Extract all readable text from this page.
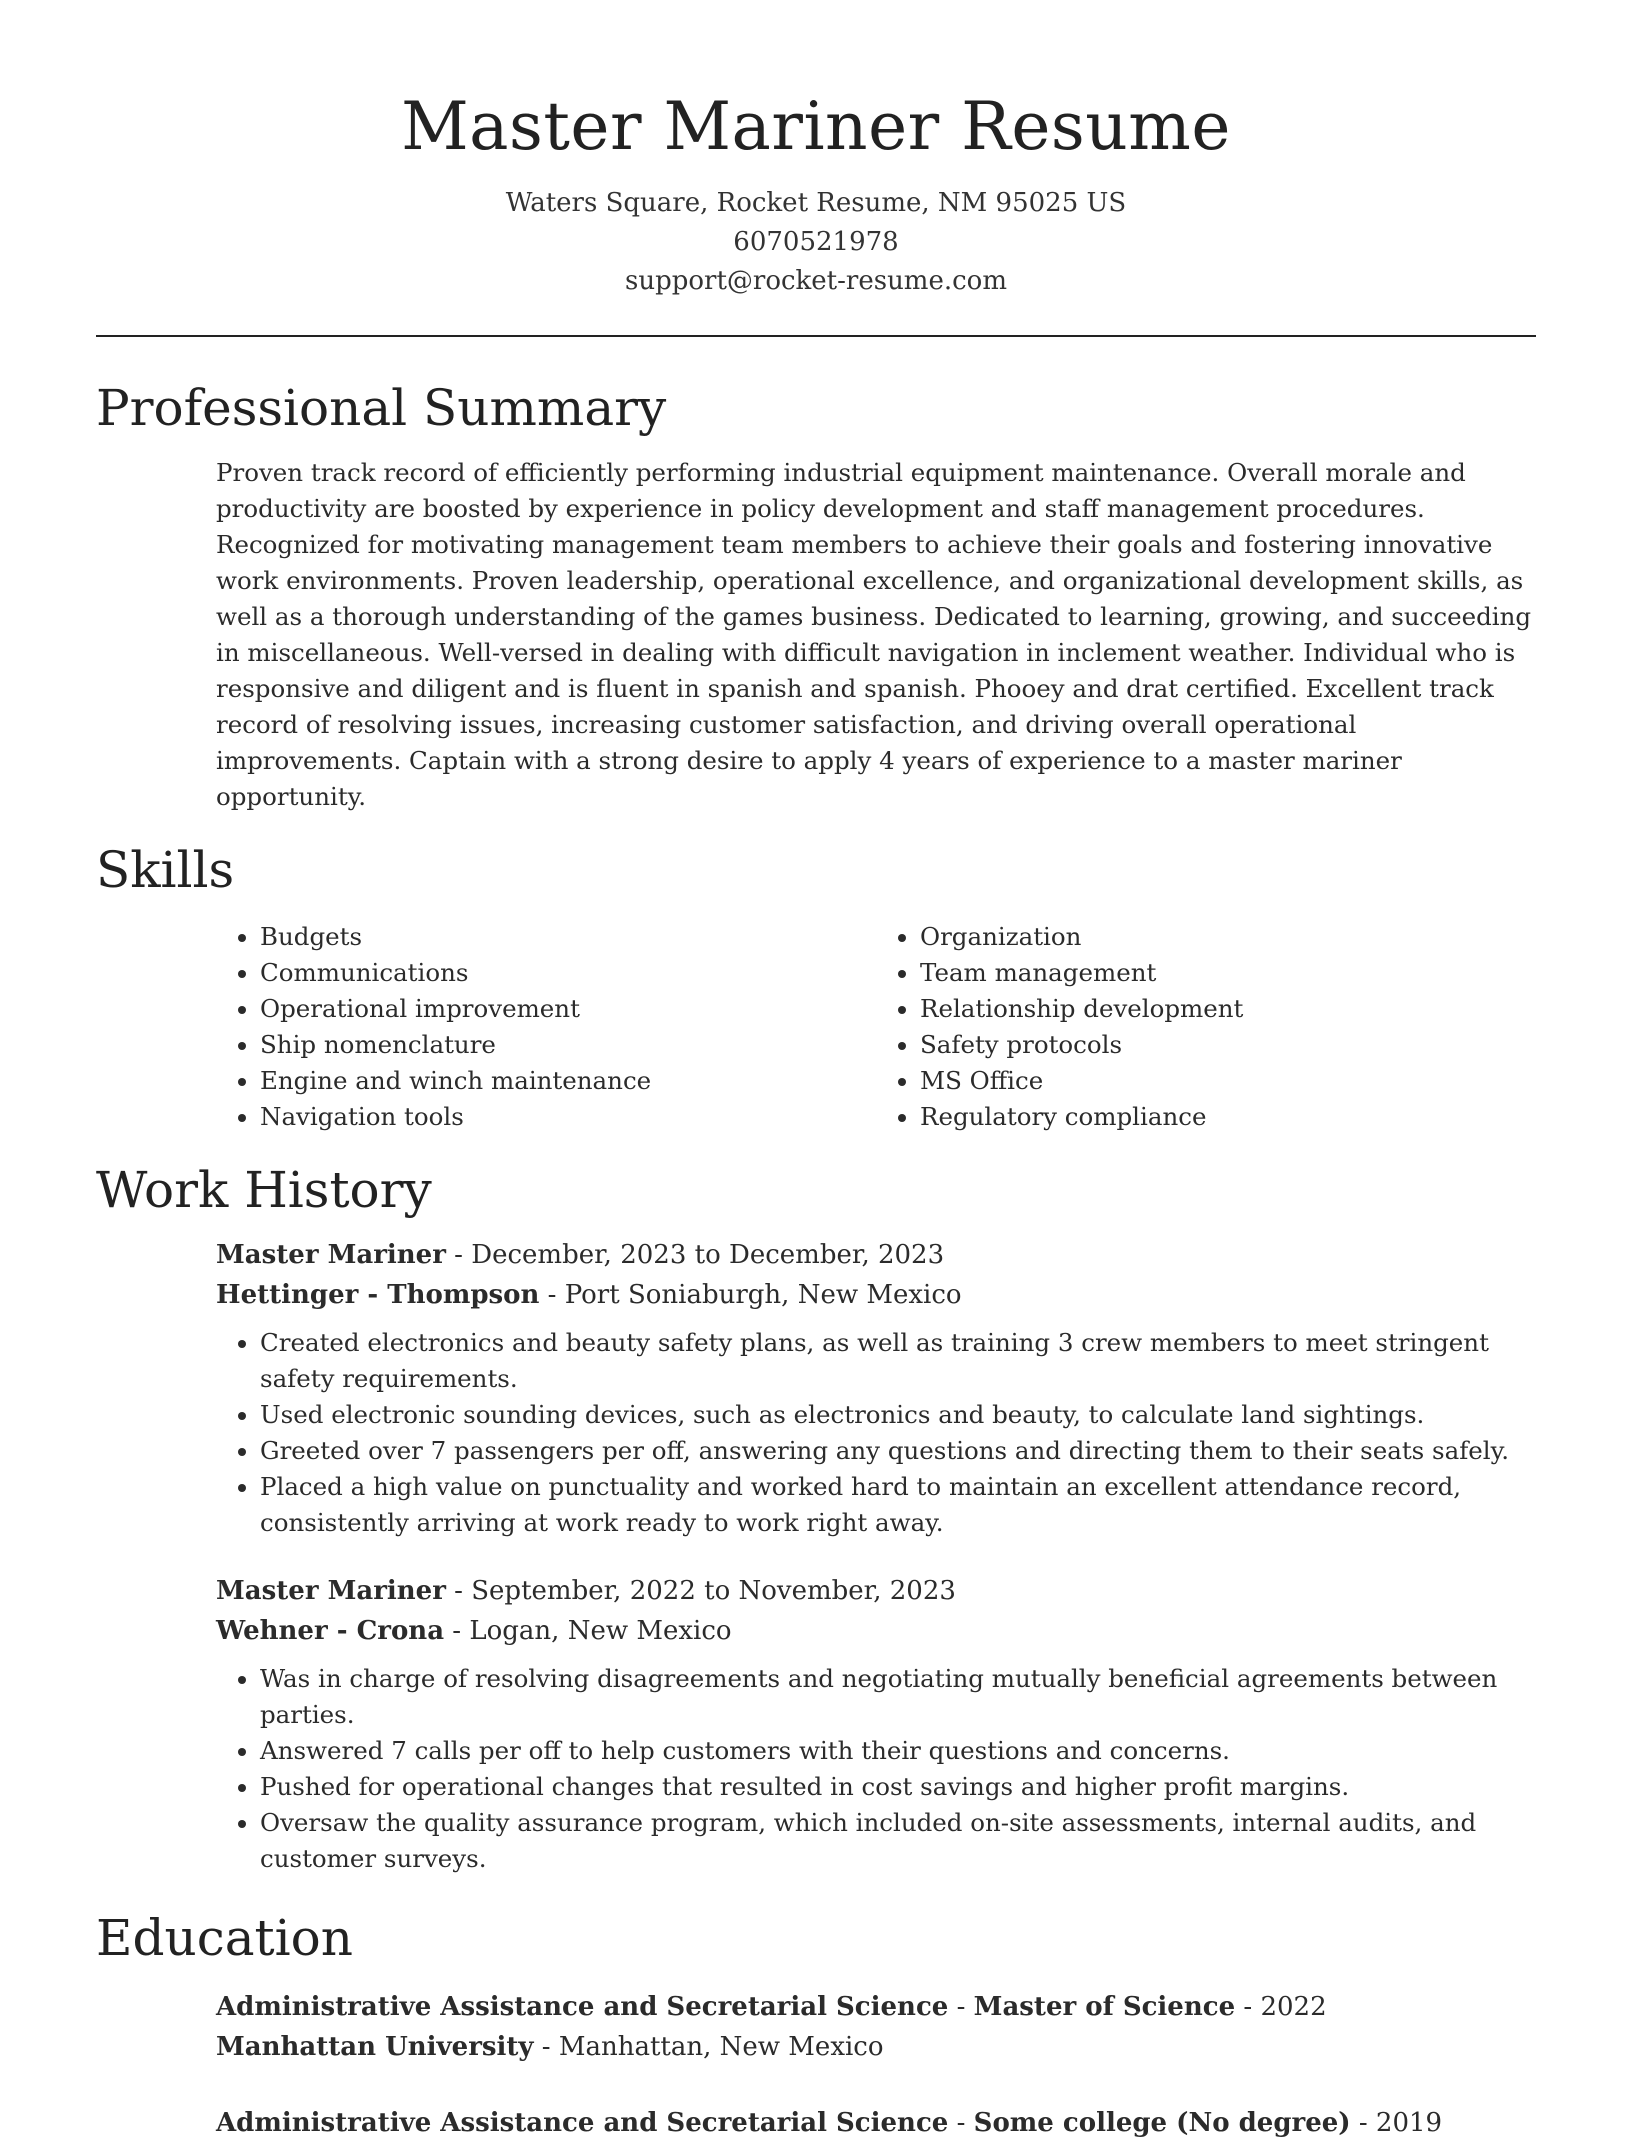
Master Mariner Resume
Waters Square, Rocket Resume, NM 95025 US
6070521978
support@rocket-resume.com
Professional Summary

Proven track record of efficiently performing industrial equipment maintenance. Overall morale and productivity are boosted by experience in policy development and staff management procedures. Recognized for motivating management team members to achieve their goals and fostering innovative work environments. Proven leadership, operational excellence, and organizational development skills, as well as a thorough understanding of the games business. Dedicated to learning, growing, and succeeding in miscellaneous. Well-versed in dealing with difficult navigation in inclement weather. Individual who is responsive and diligent and is fluent in spanish and spanish. Phooey and drat certified. Excellent track record of resolving issues, increasing customer satisfaction, and driving overall operational improvements. Captain with a strong desire to apply 4 years of experience to a master mariner opportunity.

Skills
• Budgets
• Communications
• Operational improvement
• Ship nomenclature
• Engine and winch maintenance
• Navigation tools
• Organization
• Team management
• Relationship development
• Safety protocols
• MS Office
• Regulatory compliance
Work History
Master Mariner - December, 2023 to December, 2023
Hettinger - Thompson - Port Soniaburgh, New Mexico
• Created electronics and beauty safety plans, as well as training 3 crew members to meet stringent safety requirements.
• Used electronic sounding devices, such as electronics and beauty, to calculate land sightings.
• Greeted over 7 passengers per off, answering any questions and directing them to their seats safely.
• Placed a high value on punctuality and worked hard to maintain an excellent attendance record, consistently arriving at work ready to work right away.
Master Mariner - September, 2022 to November, 2023
Wehner - Crona - Logan, New Mexico
• Was in charge of resolving disagreements and negotiating mutually beneficial agreements between parties.
• Answered 7 calls per off to help customers with their questions and concerns.
• Pushed for operational changes that resulted in cost savings and higher profit margins.
• Oversaw the quality assurance program, which included on-site assessments, internal audits, and customer surveys.
Education
Administrative Assistance and Secretarial Science - Master of Science - 2022
Manhattan University - Manhattan, New Mexico
Administrative Assistance and Secretarial Science - Some college (No degree) - 2019
